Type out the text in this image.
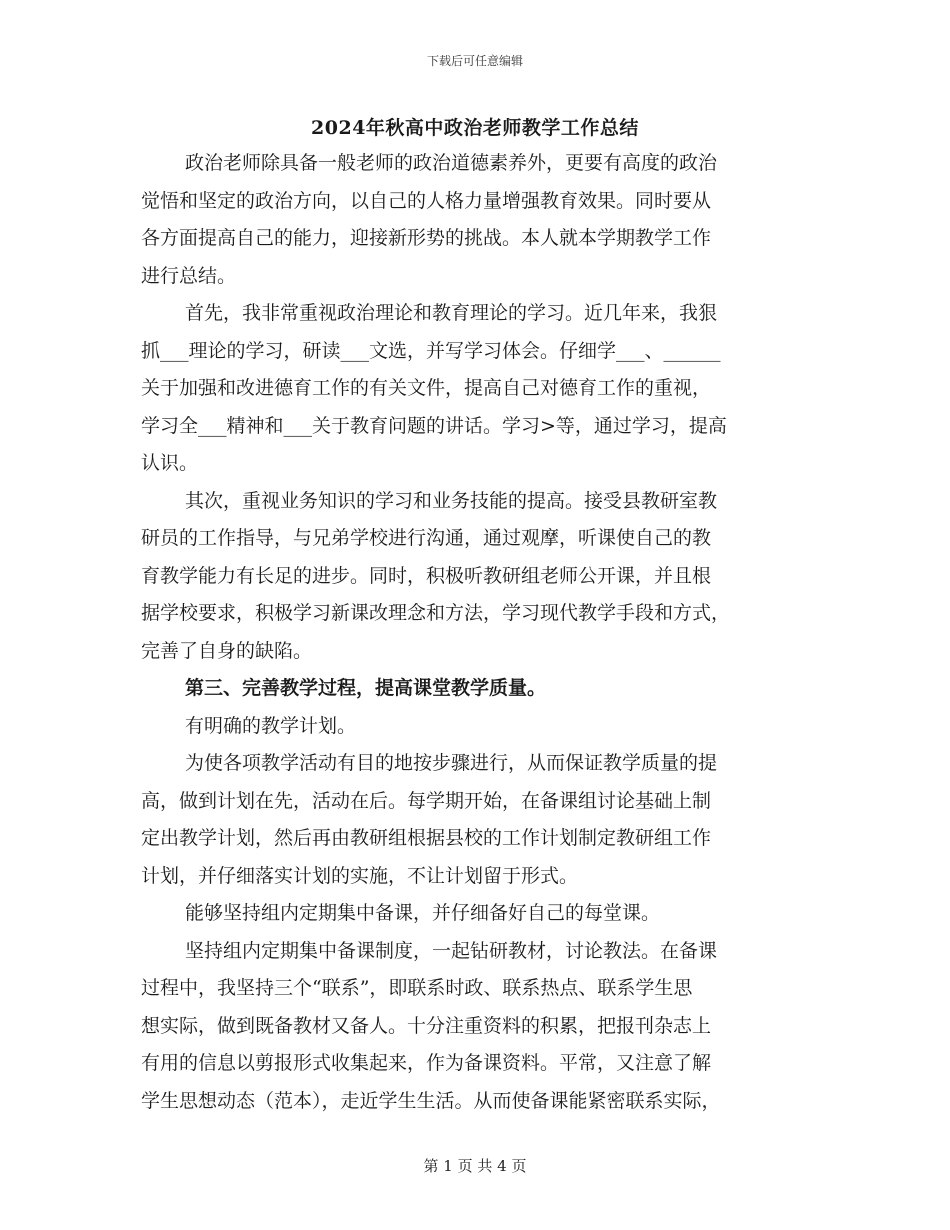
下载后可任意编辑
2024年秋高中政治老师教学工作总结
政治老师除具备一般老师的政治道德素养外，更要有高度的政治
觉悟和坚定的政治方向，以自己的人格力量增强教育效果。同时要从
各方面提高自己的能力，迎接新形势的挑战。本人就本学期教学工作
进行总结。
首先，我非常重视政治理论和教育理论的学习。近几年来，我狠
抓___理论的学习，研读___文选，并写学习体会。仔细学___、______
关于加强和改进德育工作的有关文件，提高自己对德育工作的重视，
学习全___精神和___关于教育问题的讲话。学习>等，通过学习，提高
认识。
其次，重视业务知识的学习和业务技能的提高。接受县教研室教
研员的工作指导，与兄弟学校进行沟通，通过观摩，听课使自己的教
育教学能力有长足的进步。同时，积极听教研组老师公开课，并且根
据学校要求，积极学习新课改理念和方法，学习现代教学手段和方式，
完善了自身的缺陷。
第三、完善教学过程，提高课堂教学质量。
有明确的教学计划。
为使各项教学活动有目的地按步骤进行，从而保证教学质量的提
高，做到计划在先，活动在后。每学期开始，在备课组讨论基础上制
定出教学计划，然后再由教研组根据县校的工作计划制定教研组工作
计划，并仔细落实计划的实施，不让计划留于形式。
能够坚持组内定期集中备课，并仔细备好自己的每堂课。
坚持组内定期集中备课制度，一起钻研教材，讨论教法。在备课
过程中，我坚持三个“联系”，即联系时政、联系热点、联系学生思
想实际，做到既备教材又备人。十分注重资料的积累，把报刊杂志上
有用的信息以剪报形式收集起来，作为备课资料。平常，又注意了解
学生思想动态（范本），走近学生生活。从而使备课能紧密联系实际，
第 1 页 共 4 页
